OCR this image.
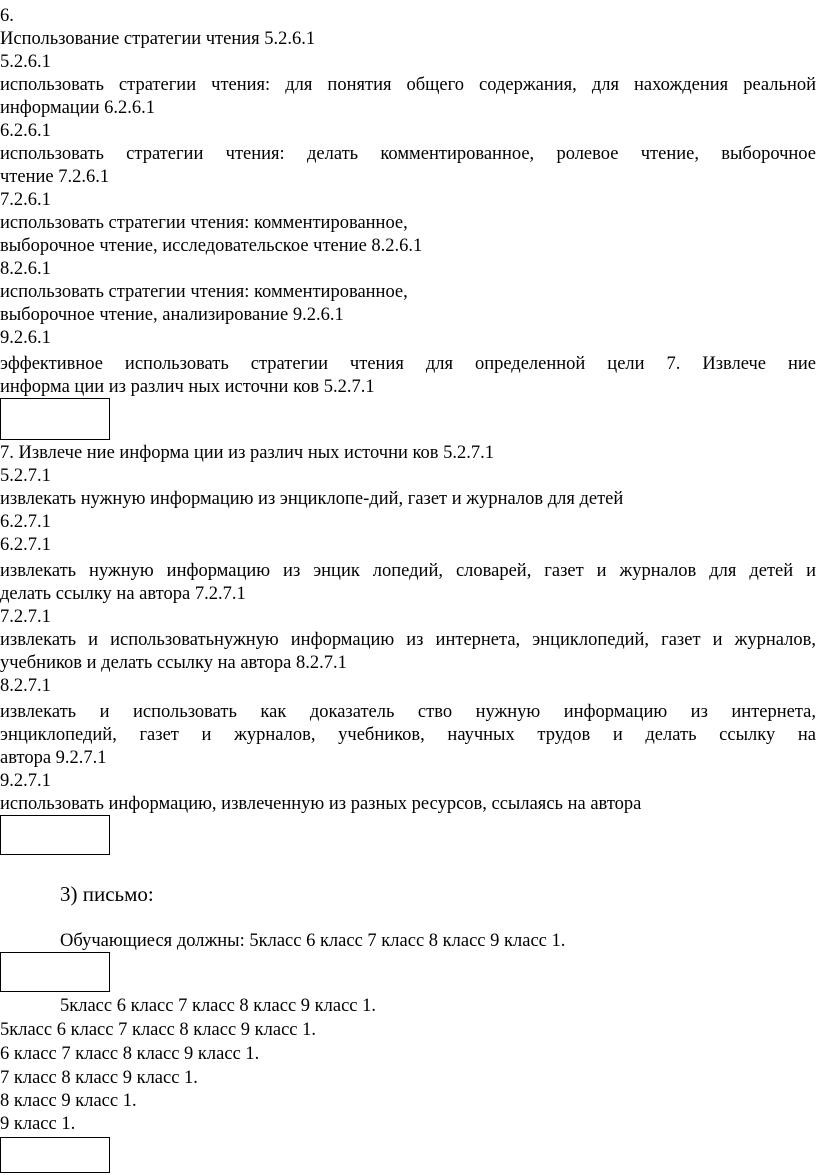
6.
Использование стратегии чтения 5.2.6.1
5.2.6.1
использовать стратегии чтения: для понятия общего содержания, для нахождения реальной
информации 6.2.6.1
6.2.6.1
использовать стратегии чтения: делать комментированное, ролевое чтение, выборочное
чтение 7.2.6.1
7.2.6.1
использовать стратегии чтения: комментированное,
выборочное чтение, исследовательское чтение 8.2.6.1
8.2.6.1
использовать стратегии чтения: комментированное,
выборочное чтение, анализирование 9.2.6.1
9.2.6.1
эффективное использовать стратегии чтения для определенной цели 7. Извлече ние
информа ции из различ ных источни ков 5.2.7.1
7. Извлече ние информа ции из различ ных источни ков 5.2.7.1
5.2.7.1
извлекать нужную информацию из энциклопе-дий, газет и журналов для детей
6.2.7.1
6.2.7.1
извлекать нужную информацию из энцик лопедий, словарей, газет и журналов для детей и
делать ссылку на автора 7.2.7.1
7.2.7.1
извлекать и использоватьнужную информацию из интернета, энциклопедий, газет и журналов,
учебников и делать ссылку на автора 8.2.7.1
8.2.7.1
извлекать и использовать как доказатель ство нужную информацию из интернета,
энциклопедий, газет и журналов, учебников, научных трудов и делать ссылку на
автора 9.2.7.1
9.2.7.1
использовать информацию, извлеченную из разных ресурсов, ссылаясь на автора
3) письмо:
Обучающиеся должны: 5класс 6 класс 7 класс 8 класс 9 класс 1.
5класс 6 класс 7 класс 8 класс 9 класс 1.
5класс 6 класс 7 класс 8 класс 9 класс 1.
6 класс 7 класс 8 класс 9 класс 1.
7 класс 8 класс 9 класс 1.
8 класс 9 класс 1.
9 класс 1.
